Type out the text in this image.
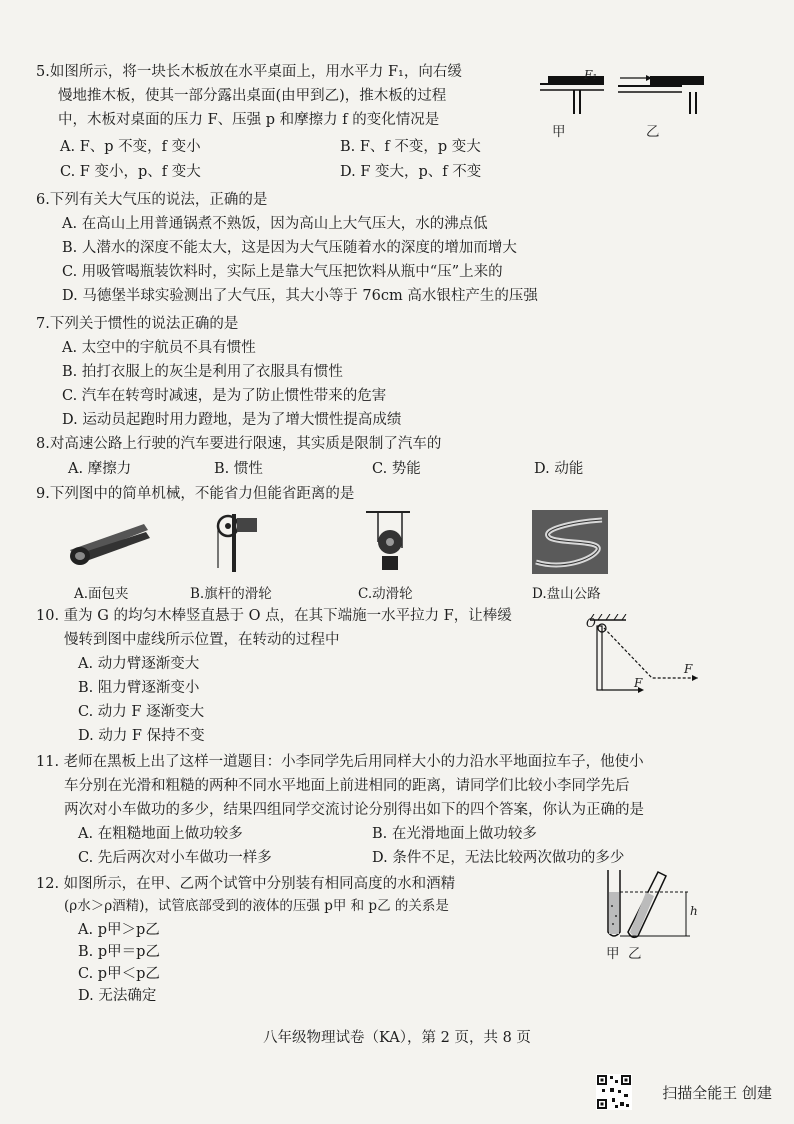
5.如图所示，将一块长木板放在水平桌面上，用水平力 F₁，向右缓
慢地推木板，使其一部分露出桌面(由甲到乙)，推木板的过程
中，木板对桌面的压力 F、压强 p 和摩擦力 f 的变化情况是
A. F、p 不变，f 变小	B. F、f 不变，p 变大
C. F 变小，p、f 变大	D. F 变大，p、f 不变
F₁
甲	乙
6.下列有关大气压的说法，正确的是
A. 在高山上用普通锅煮不熟饭，因为高山上大气压大，水的沸点低
B. 人潜水的深度不能太大，这是因为大气压随着水的深度的增加而增大
C. 用吸管喝瓶装饮料时，实际上是靠大气压把饮料从瓶中“压”上来的
D. 马德堡半球实验测出了大气压，其大小等于 76cm 高水银柱产生的压强
7.下列关于惯性的说法正确的是
A. 太空中的宇航员不具有惯性
B. 拍打衣服上的灰尘是利用了衣服具有惯性
C. 汽车在转弯时减速，是为了防止惯性带来的危害
D. 运动员起跑时用力蹬地，是为了增大惯性提高成绩
8.对高速公路上行驶的汽车要进行限速，其实质是限制了汽车的
A. 摩擦力	B. 惯性	C. 势能	D. 动能
9.下列图中的简单机械，不能省力但能省距离的是
A.面包夹	B.旗杆的滑轮	C.动滑轮	D.盘山公路
10. 重为 G 的均匀木棒竖直悬于 O 点，在其下端施一水平拉力 F，让棒缓
慢转到图中虚线所示位置，在转动的过程中
A. 动力臂逐渐变大
B. 阻力臂逐渐变小
C. 动力 F 逐渐变大
D. 动力 F 保持不变
O
F
F
11. 老师在黑板上出了这样一道题目：小李同学先后用同样大小的力沿水平地面拉车子，他使小
车分别在光滑和粗糙的两种不同水平地面上前进相同的距离，请同学们比较小李同学先后
两次对小车做功的多少，结果四组同学交流讨论分别得出如下的四个答案，你认为正确的是
A. 在粗糙地面上做功较多	B. 在光滑地面上做功较多
C. 先后两次对小车做功一样多	D. 条件不足，无法比较两次做功的多少
12. 如图所示，在甲、乙两个试管中分别装有相同高度的水和酒精
(ρ水＞ρ酒精)，试管底部受到的液体的压强 p甲 和 p乙 的关系是
A. p甲＞p乙
B. p甲＝p乙
C. p甲＜p乙
D. 无法确定
h
甲 乙
八年级物理试卷（KA），第 2 页，共 8 页
扫描全能王 创建
